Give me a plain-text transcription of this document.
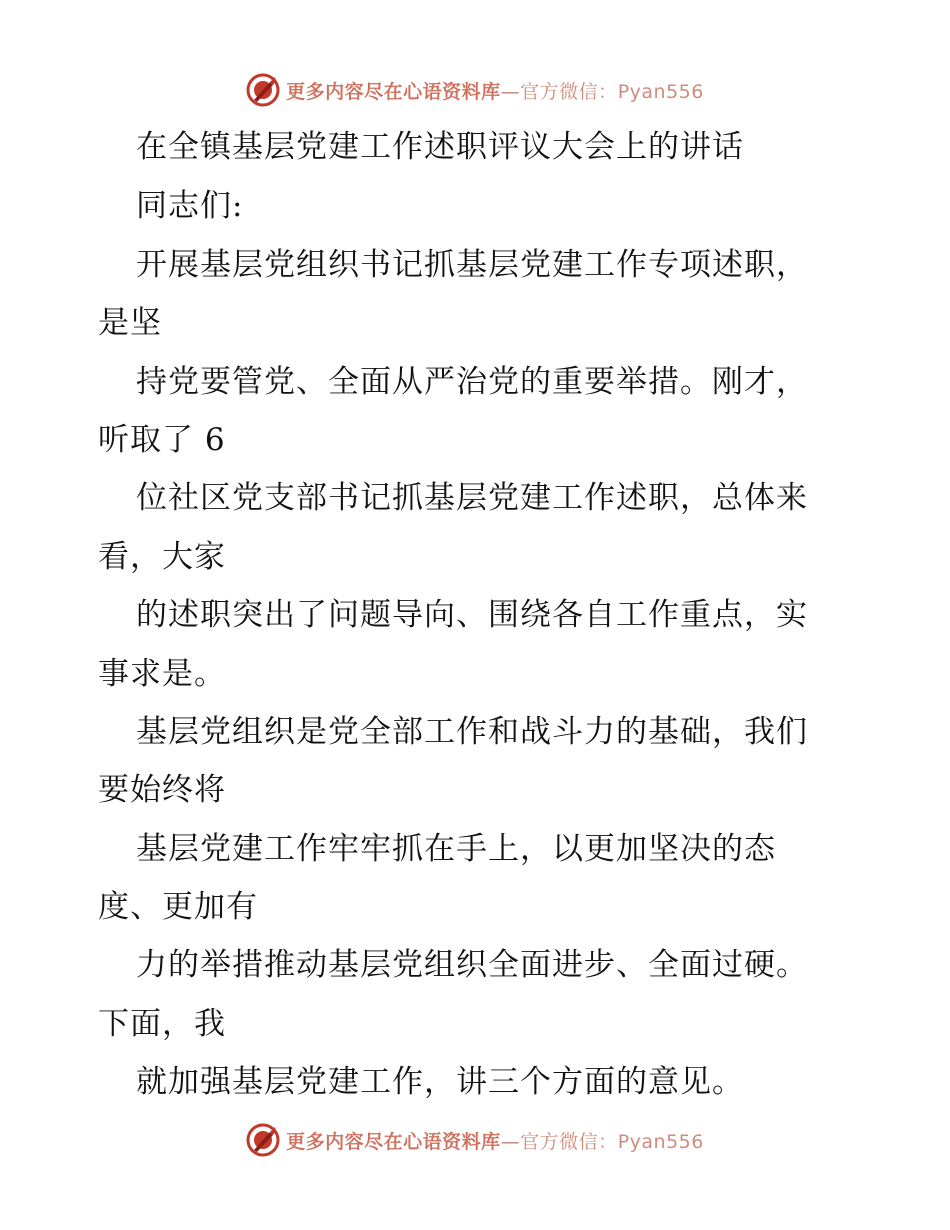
更多内容尽在心语资料库—官方微信：Pyan556
在全镇基层党建工作述职评议大会上的讲话
同志们:
开展基层党组织书记抓基层党建工作专项述职，
是坚
持党要管党、全面从严治党的重要举措。刚才，
听取了 6
位社区党支部书记抓基层党建工作述职，总体来
看，大家
的述职突出了问题导向、围绕各自工作重点，实
事求是。
基层党组织是党全部工作和战斗力的基础，我们
要始终将
基层党建工作牢牢抓在手上，以更加坚决的态
度、更加有
力的举措推动基层党组织全面进步、全面过硬。
下面，我
就加强基层党建工作，讲三个方面的意见。
更多内容尽在心语资料库—官方微信：Pyan556
